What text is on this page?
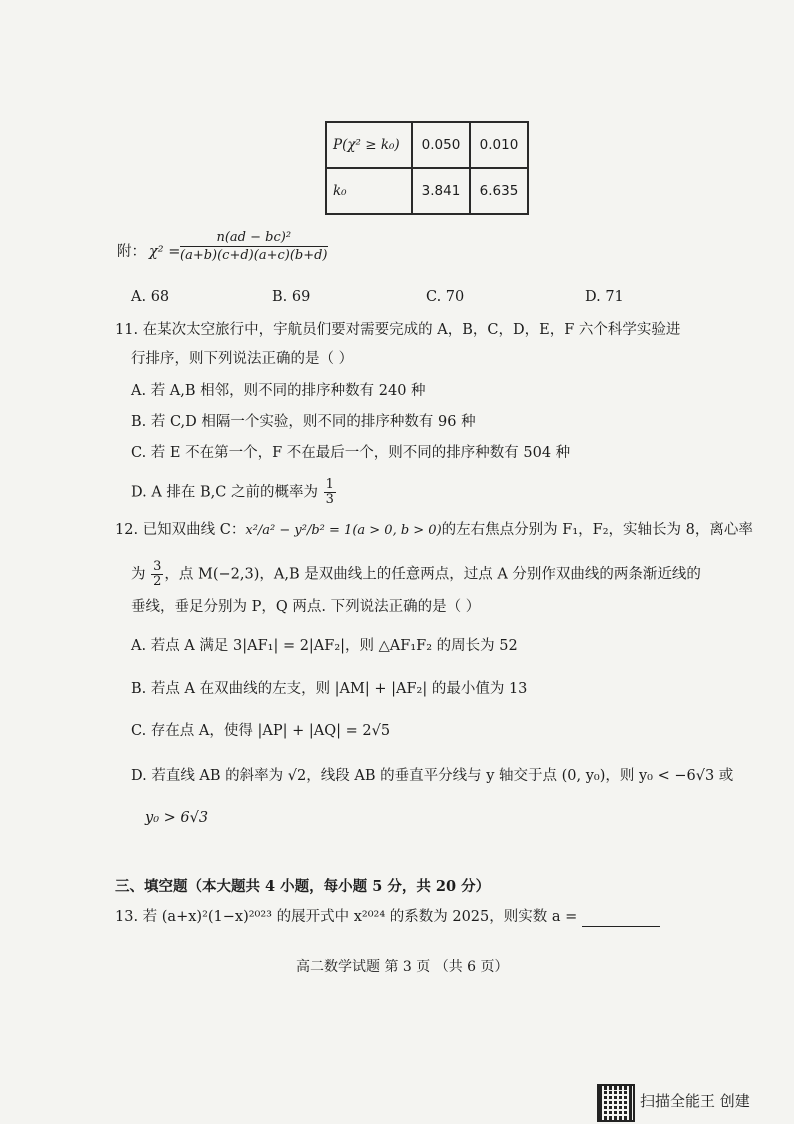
P(χ² ≥ k₀)	0.050	0.010
k₀	3.841	6.635
附： $\chi^2 = \frac{\text{n(ad − bc)²}}{(a+b)(c+d)(a+c)(b+d)}$
A. 68	B. 69	C. 70	D. 71
11. 在某次太空旅行中，宇航员们要对需要完成的 A，B，C，D，E，F 六个科学实验进
行排序，则下列说法正确的是（ ）
A. 若 A,B 相邻，则不同的排序种数有 240 种
B. 若 C,D 相隔一个实验，则不同的排序种数有 96 种
C. 若 E 不在第一个，F 不在最后一个，则不同的排序种数有 504 种
D. A 排在 B,C 之前的概率为 $\frac{1}{3}$
12. 已知双曲线 C：x²/a² − y²/b² = 1(a > 0, b > 0)的左右焦点分别为 F₁，F₂，实轴长为 8，离心率
为 $\frac{3}{2}$ ，点 M(−2,3)，A,B 是双曲线上的任意两点，过点 A 分别作双曲线的两条渐近线的
垂线，垂足分别为 P，Q 两点. 下列说法正确的是（ ）
A. 若点 A 满足 3|AF₁| = 2|AF₂|，则 △AF₁F₂ 的周长为 52
B. 若点 A 在双曲线的左支，则 |AM| + |AF₂| 的最小值为 13
C. 存在点 A，使得 |AP| + |AQ| = 2√5
D. 若直线 AB 的斜率为 √2，线段 AB 的垂直平分线与 y 轴交于点 (0, y₀)，则 y₀ < −6√3 或
y₀ > 6√3
三、填空题（本大题共 4 小题，每小题 5 分，共 20 分）
13. 若 (a+x)²(1−x)²⁰²³ 的展开式中 x²⁰²⁴ 的系数为 2025，则实数 a =
高二数学试题 第 3 页 （共 6 页）
扫描全能王 创建
